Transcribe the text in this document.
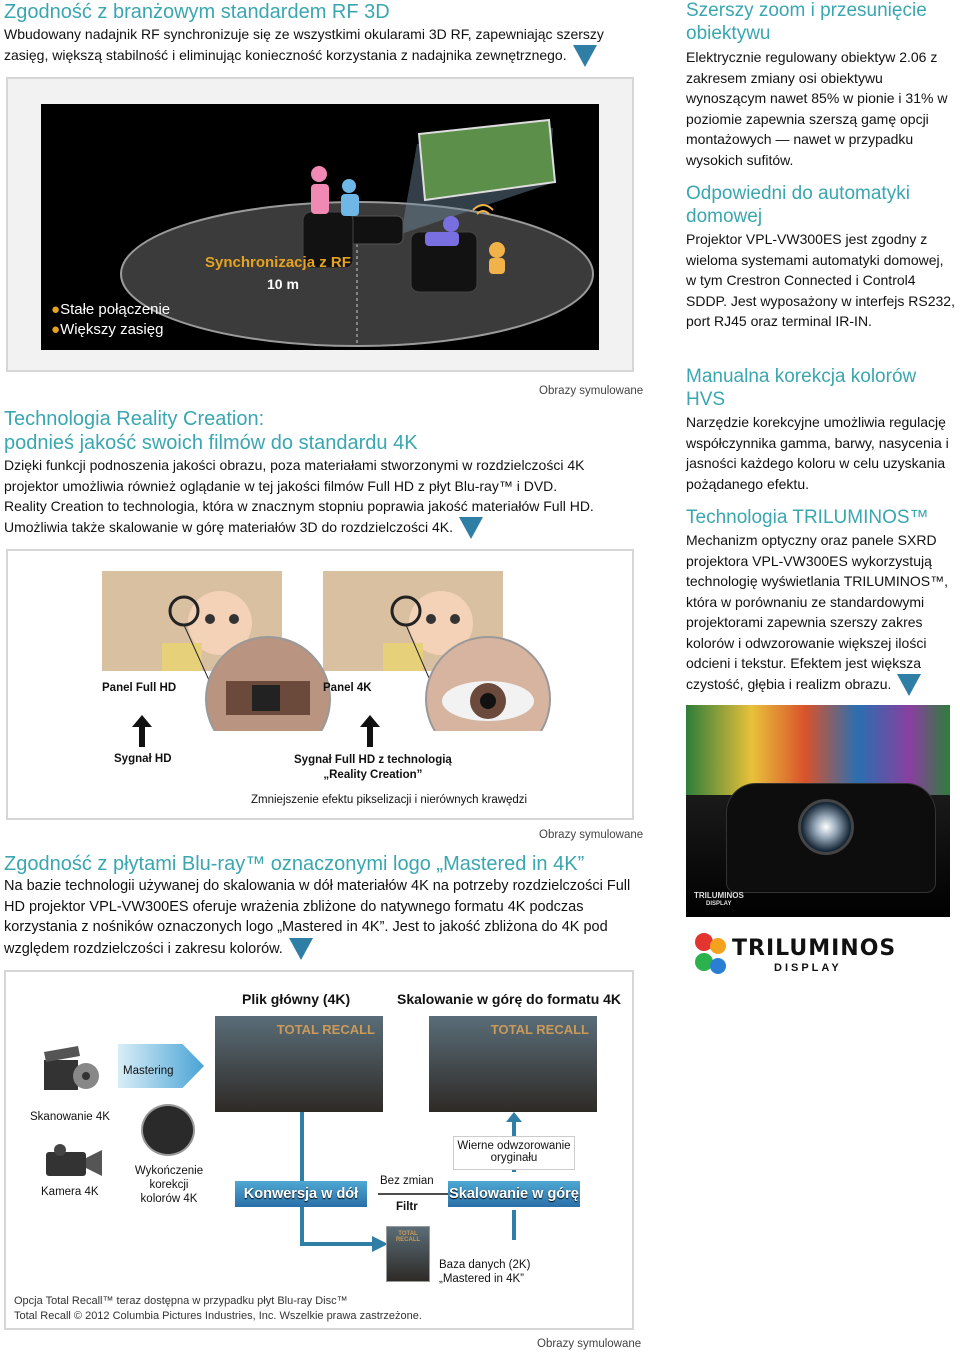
Zgodność z branżowym standardem RF 3D

Wbudowany nadajnik RF synchronizuje się ze wszystkimi okularami 3D RF, zapewniając szerszy zasięg, większą stabilność i eliminując konieczność korzystania z nadajnika zewnętrznego.

Synchronizacja z RF
10 m
●Stałe połączenie
●Większy zasięg
Obrazy symulowane
Technologia Reality Creation:
podnieś jakość swoich filmów do standardu 4K

Dzięki funkcji podnoszenia jakości obrazu, poza materiałami stworzonymi w rozdzielczości 4K projektor umożliwia również oglądanie w tej jakości filmów Full HD z płyt Blu-ray™ i DVD.

Reality Creation to technologia, która w znacznym stopniu poprawia jakość materiałów Full HD. Umożliwia także skalowanie w górę materiałów 3D do rozdzielczości 4K.

Panel Full HD	Panel 4K
Sygnał HD	Sygnał Full HD z technologią
„Reality Creation”
Zmniejszenie efektu pikselizacji i nierównych krawędzi
Obrazy symulowane
Zgodność z płytami Blu-ray™ oznaczonymi logo „Mastered in 4K”

Na bazie technologii używanej do skalowania w dół materiałów 4K na potrzeby rozdzielczości Full HD projektor VPL-VW300ES oferuje wrażenia zbliżone do natywnego formatu 4K podczas korzystania z nośników oznaczonych logo „Mastered in 4K”. Jest to jakość zbliżona do 4K pod względem rozdzielczości i zakresu kolorów.

Plik główny (4K)	Skalowanie w górę do formatu 4K
TOTAL RECALL	TOTAL RECALL
Mastering
Skanowanie 4K
Kamera 4K
Wykończenie korekcji kolorów 4K	Konwersja w dół	Skalowanie w górę
Bez zmian
Filtr
Wierne odwzorowanie oryginału
TOTAL RECALL
Baza danych (2K) „Mastered in 4K”
Opcja Total Recall™ teraz dostępna w przypadku płyt Blu-ray Disc™
Total Recall © 2012 Columbia Pictures Industries, Inc. Wszelkie prawa zastrzeżone.
Obrazy symulowane
Szerszy zoom i przesunięcie obiektywu

Elektrycznie regulowany obiektyw 2.06 z zakresem zmiany osi obiektywu wynoszącym nawet 85% w pionie i 31% w poziomie zapewnia szerszą gamę opcji montażowych — nawet w przypadku wysokich sufitów.

Odpowiedni do automatyki domowej

Projektor VPL-VW300ES jest zgodny z wieloma systemami automatyki domowej, w tym Crestron Connected i Control4 SDDP. Jest wyposażony w interfejs RS232, port RJ45 oraz terminal IR-IN.

Manualna korekcja kolorów HVS

Narzędzie korekcyjne umożliwia regulację współczynnika gamma, barwy, nasycenia i jasności każdego koloru w celu uzyskania pożądanego efektu.

Technologia TRILUMINOS™

Mechanizm optyczny oraz panele SXRD projektora VPL-VW300ES wykorzystują technologię wyświetlania TRILUMINOS™, która w porównaniu ze standardowymi projektorami zapewnia szerszy zakres kolorów i odwzorowanie większej ilości odcieni i tekstur. Efektem jest większa czystość, głębia i realizm obrazu.

TRILUMINOS
DISPLAY
TRILUMINOS
DISPLAY
